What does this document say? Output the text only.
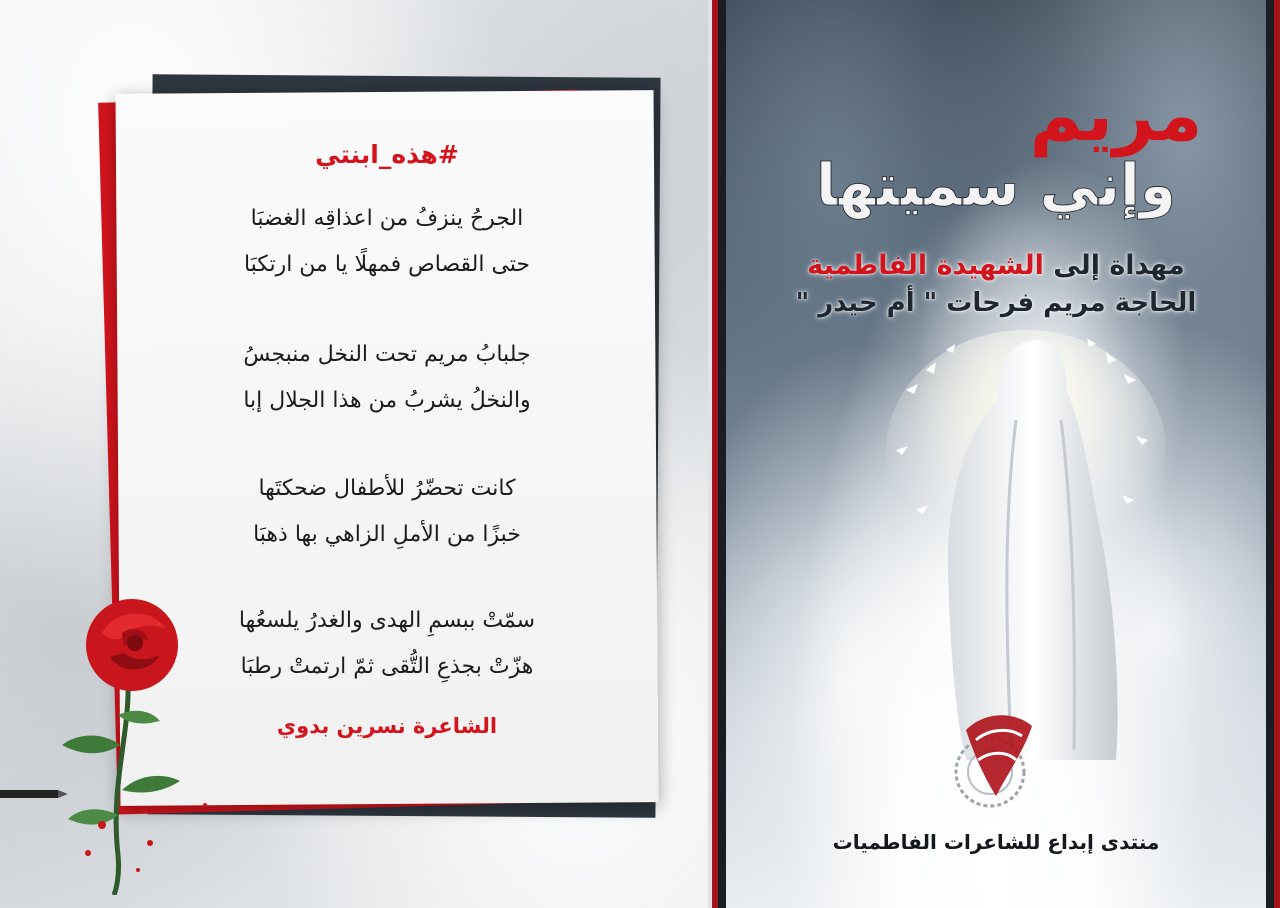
#هذه_ابنتي
الجرحُ ينزفُ من اعذاقِه الغضبَا
حتى القصاص فمهلًا يا من ارتكبَا
جلبابُ مريم تحت النخل منبجسُ
والنخلُ يشربُ من هذا الجلال إبا
كانت تحضّرُ للأطفال ضحكتَها
خبزًا من الأملِ الزاهي بها ذهبَا
سمّتْ ببسمِ الهدى والغدرُ يلسعُها
هزّتْ بجذعِ التُّقى ثمّ ارتمتْ رطبَا
الشاعرة نسرين بدوي
مريم
وإني سميتها
مهداة إلى الشهيدة الفاطمية
الحاجة مريم فرحات " أم حيدر "
منتدى إبداع للشاعرات الفاطميات
